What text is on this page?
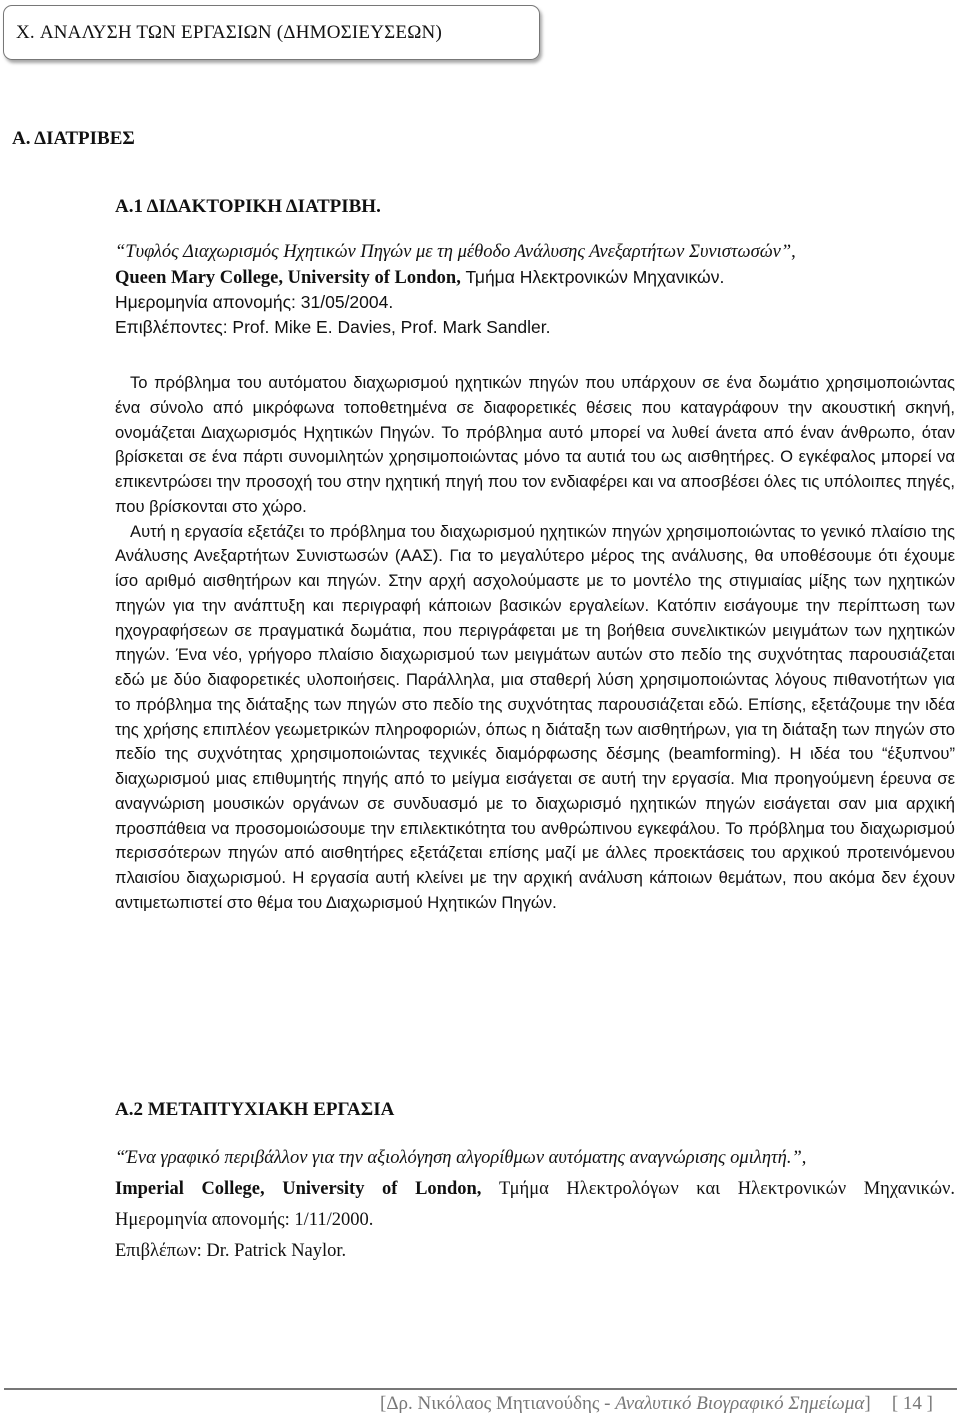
X. ΑΝΑΛΥΣΗ ΤΩΝ ΕΡΓΑΣΙΩΝ (ΔΗΜΟΣΙΕΥΣΕΩΝ)
Α. ΔΙΑΤΡΙΒΕΣ
Α.1 ΔΙΔΑΚΤΟΡΙΚΗ ΔΙΑΤΡΙΒΗ.
“Τυφλός Διαχωρισμός Ηχητικών Πηγών με τη μέθοδο Ανάλυσης Ανεξαρτήτων Συνιστωσών”,
Queen Mary College, University of London, Τμήμα Ηλεκτρονικών Μηχανικών.
Ημερομηνία απονομής: 31/05/2004.
Επιβλέποντες: Prof. Mike E. Davies, Prof. Mark Sandler.

Το πρόβλημα του αυτόματου διαχωρισμού ηχητικών πηγών που υπάρχουν σε ένα δωμάτιο χρησιμοποιώντας ένα σύνολο από μικρόφωνα τοποθετημένα σε διαφορετικές θέσεις που καταγράφουν την ακουστική σκηνή, ονομάζεται Διαχωρισμός Ηχητικών Πηγών. Το πρόβλημα αυτό μπορεί να λυθεί άνετα από έναν άνθρωπο, όταν βρίσκεται σε ένα πάρτι συνομιλητών χρησιμοποιώντας μόνο τα αυτιά του ως αισθητήρες. Ο εγκέφαλος μπορεί να επικεντρώσει την προσοχή του στην ηχητική πηγή που τον ενδιαφέρει και να αποσβέσει όλες τις υπόλοιπες πηγές, που βρίσκονται στο χώρο.

Αυτή η εργασία εξετάζει το πρόβλημα του διαχωρισμού ηχητικών πηγών χρησιμοποιώντας το γενικό πλαίσιο της Ανάλυσης Ανεξαρτήτων Συνιστωσών (ΑΑΣ). Για το μεγαλύτερο μέρος της ανάλυσης, θα υποθέσουμε ότι έχουμε ίσο αριθμό αισθητήρων και πηγών. Στην αρχή ασχολούμαστε με το μοντέλο της στιγμιαίας μίξης των ηχητικών πηγών για την ανάπτυξη και περιγραφή κάποιων βασικών εργαλείων. Κατόπιν εισάγουμε την περίπτωση των ηχογραφήσεων σε πραγματικά δωμάτια, που περιγράφεται με τη βοήθεια συνελικτικών μειγμάτων των ηχητικών πηγών. Ένα νέο, γρήγορο πλαίσιο διαχωρισμού των μειγμάτων αυτών στο πεδίο της συχνότητας παρουσιάζεται εδώ με δύο διαφορετικές υλοποιήσεις. Παράλληλα, μια σταθερή λύση χρησιμοποιώντας λόγους πιθανοτήτων για το πρόβλημα της διάταξης των πηγών στο πεδίο της συχνότητας παρουσιάζεται εδώ. Επίσης, εξετάζουμε την ιδέα της χρήσης επιπλέον γεωμετρικών πληροφοριών, όπως η διάταξη των αισθητήρων, για τη διάταξη των πηγών στο πεδίο της συχνότητας χρησιμοποιώντας τεχνικές διαμόρφωσης δέσμης (beamforming). Η ιδέα του “έξυπνου” διαχωρισμού μιας επιθυμητής πηγής από το μείγμα εισάγεται σε αυτή την εργασία. Μια προηγούμενη έρευνα σε αναγνώριση μουσικών οργάνων σε συνδυασμό με το διαχωρισμό ηχητικών πηγών εισάγεται σαν μια αρχική προσπάθεια να προσομοιώσουμε την επιλεκτικότητα του ανθρώπινου εγκεφάλου. Το πρόβλημα του διαχωρισμού περισσότερων πηγών από αισθητήρες εξετάζεται επίσης μαζί με άλλες προεκτάσεις του αρχικού προτεινόμενου πλαισίου διαχωρισμού. Η εργασία αυτή κλείνει με την αρχική ανάλυση κάποιων θεμάτων, που ακόμα δεν έχουν αντιμετωπιστεί στο θέμα του Διαχωρισμού Ηχητικών Πηγών.

Α.2 ΜΕΤΑΠΤΥΧΙΑΚΗ ΕΡΓΑΣΙΑ
“Ένα γραφικό περιβάλλον για την αξιολόγηση αλγορίθμων αυτόματης αναγνώρισης ομιλητή.”,
Imperial College, University of London, Τμήμα Ηλεκτρολόγων και Ηλεκτρονικών Μηχανικών.
Ημερομηνία απονομής: 1/11/2000.
Επιβλέπων: Dr. Patrick Naylor.
[Δρ. Νικόλαος Μητιανούδης - Αναλυτικό Βιογραφικό Σημείωμα] [ 14 ]
